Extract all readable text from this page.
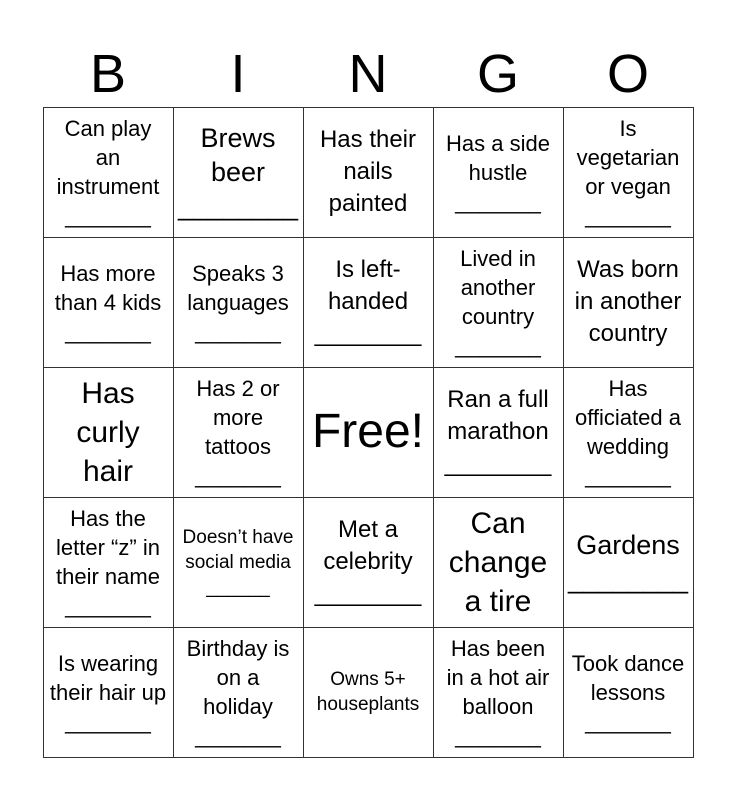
B	I	N	G	O
Can play an instrument _______
Brews beer ________
Has their nails painted
Has a side hustle _______
Is vegetarian or vegan _______
Has more than 4 kids _______
Speaks 3 languages _______
Is left-handed ________
Lived in another country _______
Was born in another country
Has curly hair
Has 2 or more tattoos _______
Free!
Ran a full marathon ________
Has officiated a wedding _______
Has the letter “z” in their name _______
Doesn’t have social media ______
Met a celebrity ________
Can change a tire
Gardens ________
Is wearing their hair up _______
Birthday is on a holiday _______
Owns 5+ houseplants
Has been in a hot air balloon _______
Took dance lessons _______
